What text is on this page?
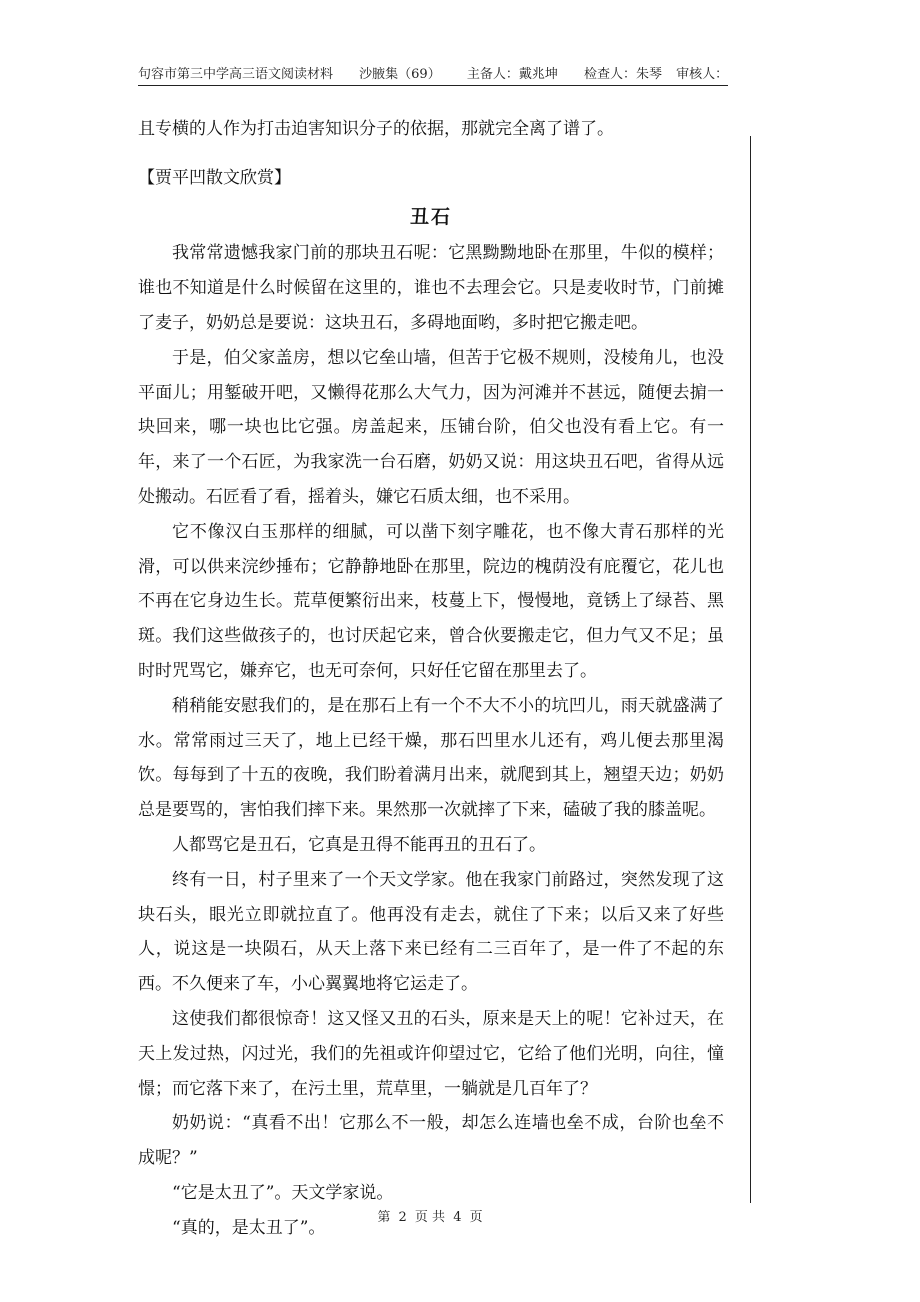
句容市第三中学高三语文阅读材料 沙腋集（69） 主备人：戴兆坤 检查人：朱琴 审核人：

且专横的人作为打击迫害知识分子的依据，那就完全离了谱了。

【贾平凹散文欣赏】

丑石

我常常遗憾我家门前的那块丑石呢：它黑黝黝地卧在那里，牛似的模样；谁也不知道是什么时候留在这里的，谁也不去理会它。只是麦收时节，门前摊了麦子，奶奶总是要说：这块丑石，多碍地面哟，多时把它搬走吧。

于是，伯父家盖房，想以它垒山墙，但苦于它极不规则，没棱角儿，也没平面儿；用錾破开吧，又懒得花那么大气力，因为河滩并不甚远，随便去掮一块回来，哪一块也比它强。房盖起来，压铺台阶，伯父也没有看上它。有一年，来了一个石匠，为我家洗一台石磨，奶奶又说：用这块丑石吧，省得从远处搬动。石匠看了看，摇着头，嫌它石质太细，也不采用。

它不像汉白玉那样的细腻，可以凿下刻字雕花，也不像大青石那样的光滑，可以供来浣纱捶布；它静静地卧在那里，院边的槐荫没有庇覆它，花儿也不再在它身边生长。荒草便繁衍出来，枝蔓上下，慢慢地，竟锈上了绿苔、黑斑。我们这些做孩子的，也讨厌起它来，曾合伙要搬走它，但力气又不足；虽时时咒骂它，嫌弃它，也无可奈何，只好任它留在那里去了。

稍稍能安慰我们的，是在那石上有一个不大不小的坑凹儿，雨天就盛满了水。常常雨过三天了，地上已经干燥，那石凹里水儿还有，鸡儿便去那里渴饮。每每到了十五的夜晚，我们盼着满月出来，就爬到其上，翘望天边；奶奶总是要骂的，害怕我们摔下来。果然那一次就摔了下来，磕破了我的膝盖呢。

人都骂它是丑石，它真是丑得不能再丑的丑石了。

终有一日，村子里来了一个天文学家。他在我家门前路过，突然发现了这块石头，眼光立即就拉直了。他再没有走去，就住了下来；以后又来了好些人，说这是一块陨石，从天上落下来已经有二三百年了，是一件了不起的东西。不久便来了车，小心翼翼地将它运走了。

这使我们都很惊奇！这又怪又丑的石头，原来是天上的呢！它补过天，在天上发过热，闪过光，我们的先祖或许仰望过它，它给了他们光明，向往，憧憬；而它落下来了，在污土里，荒草里，一躺就是几百年了？

奶奶说：“真看不出！它那么不一般，却怎么连墙也垒不成，台阶也垒不成呢？”

“它是太丑了”。天文学家说。

“真的，是太丑了”。

第 2 页 共 4 页
